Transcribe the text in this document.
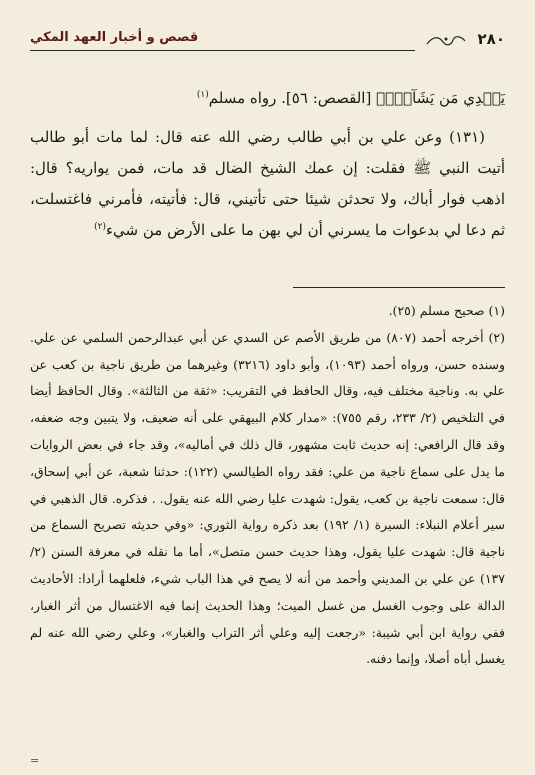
٢٨٠
قصص و أخبار العهد المكي

يَهۡدِي مَن يَشَآءُۚ﴾ [القصص: ٥٦]. رواه مسلم$^{(١)}$

(١٣١) وعن علي بن أبي طالب رضي الله عنه قال: لما مات أبو طالب أتيت النبي ﷺ فقلت: إن عمك الشيخ الضال قد مات، فمن يواريه؟ قال: اذهب فوار أباك، ولا تحدثن شيئا حتى تأتيني، قال: فأتيته، فأمرني فاغتسلت، ثم دعا لي بدعوات ما يسرني أن لي بهن ما على الأرض من شيء$^{(٢)}$

(١) صحيح مسلم (٢٥).

(٢) أخرجه أحمد (٨٠٧) من طريق الأصم عن السدي عن أبي عبدالرحمن السلمي عن علي. وسنده حسن، ورواه أحمد (١٠٩٣)، وأبو داود (٣٢١٦) وغيرهما من طريق ناجية بن كعب عن علي به. وناجية مختلف فيه، وقال الحافظ في التقريب: «ثقة من الثالثة». وقال الحافظ أيضا في التلخيص (٢/ ٢٣٣، رقم ٧٥٥): «مدار كلام البيهقي على أنه ضعيف، ولا يتبين وجه ضعفه، وقد قال الرافعي: إنه حديث ثابت مشهور، قال ذلك في أماليه»، وقد جاء في بعض الروايات ما يدل على سماع ناجية من علي: فقد رواه الطيالسي (١٢٢): حدثنا شعبة، عن أبي إسحاق، قال: سمعت ناجية بن كعب، يقول: شهدت عليا رضي الله عنه يقول. . فذكره. قال الذهبي في سير أعلام النبلاء: السيرة (١/ ١٩٢) بعد ذكره رواية الثوري: «وفي حديثه تصريح السماع من ناجية قال: شهدت عليا يقول، وهذا حديث حسن متصل»، أما ما نقله في معرفة السنن (٢/ ١٣٧) عن علي بن المديني وأحمد من أنه لا يصح في هذا الباب شيء، فلعلهما أرادا: الأحاديث الدالة على وجوب الغسل من غسل الميت؛ وهذا الحديث إنما فيه الاغتسال من أثر الغبار، ففي رواية ابن أبي شيبة: «رجعت إليه وعلي أثر التراب والغبار»، وعلي رضي الله عنه لم يغسل أباه أصلا، وإنما دفنه.

=
